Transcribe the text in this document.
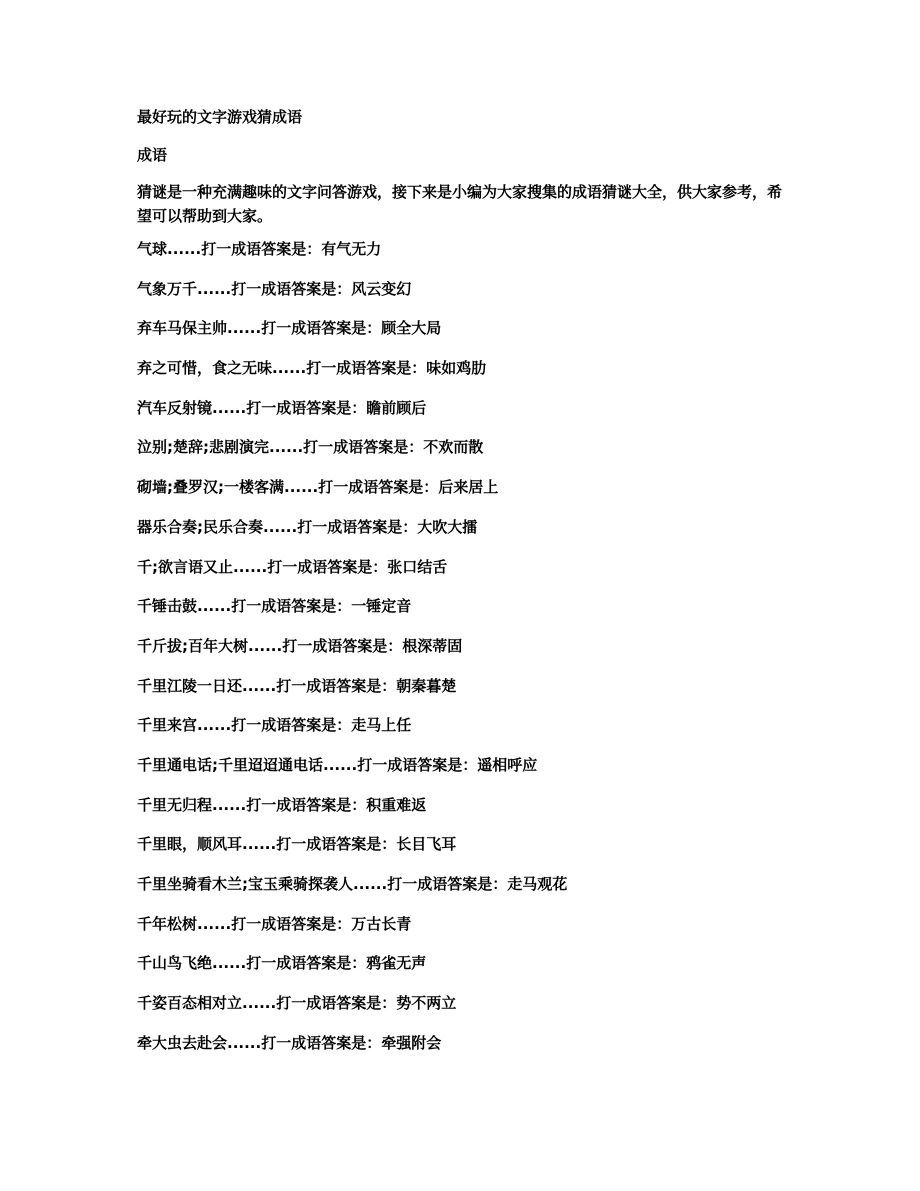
最好玩的文字游戏猜成语
成语
猜谜是一种充满趣味的文字问答游戏，接下来是小编为大家搜集的成语猜谜大全，供大家参考，希望可以帮助到大家。
气球......打一成语答案是：有气无力
气象万千......打一成语答案是：风云变幻
弃车马保主帅......打一成语答案是：顾全大局
弃之可惜，食之无味......打一成语答案是：味如鸡肋
汽车反射镜......打一成语答案是：瞻前顾后
泣别;楚辞;悲剧演完......打一成语答案是：不欢而散
砌墙;叠罗汉;一楼客满......打一成语答案是：后来居上
器乐合奏;民乐合奏......打一成语答案是：大吹大擂
千;欲言语又止......打一成语答案是：张口结舌
千锤击鼓......打一成语答案是：一锤定音
千斤拔;百年大树......打一成语答案是：根深蒂固
千里江陵一日还......打一成语答案是：朝秦暮楚
千里来宫......打一成语答案是：走马上任
千里通电话;千里迢迢通电话......打一成语答案是：遥相呼应
千里无归程......打一成语答案是：积重难返
千里眼，顺风耳......打一成语答案是：长目飞耳
千里坐骑看木兰;宝玉乘骑探袭人......打一成语答案是：走马观花
千年松树......打一成语答案是：万古长青
千山鸟飞绝......打一成语答案是：鸦雀无声
千姿百态相对立......打一成语答案是：势不两立
牵大虫去赴会......打一成语答案是：牵强附会
